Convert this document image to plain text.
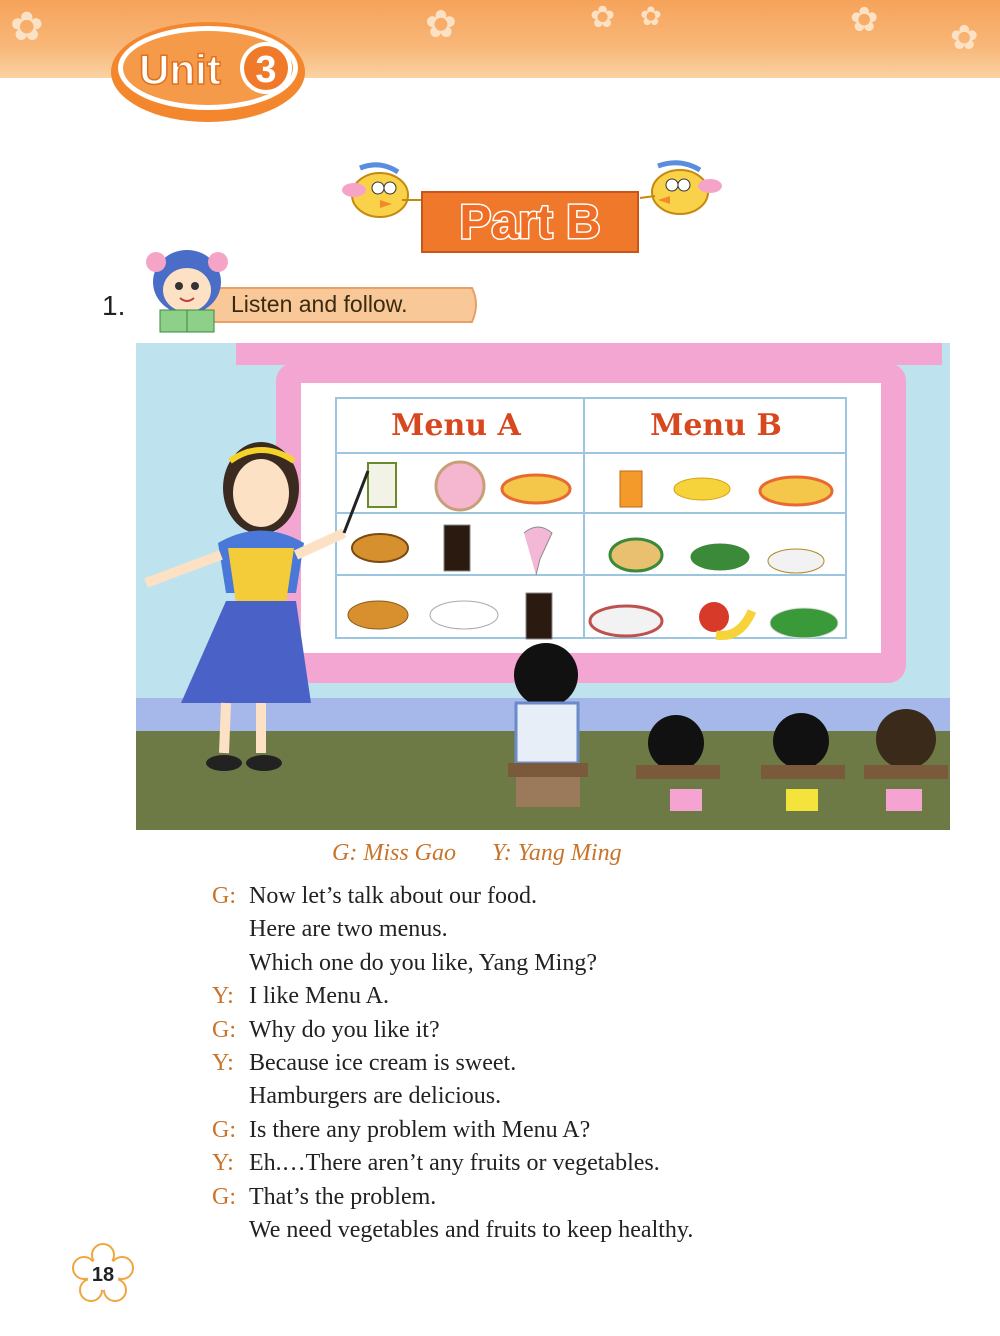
✿	✿	✿ ✿	✿ ✿
Unit 3
Part B
1.	Listen and follow.
Menu A	Menu B
G: Miss Gao Y: Yang Ming
G: Now let’s talk about our food.
Here are two menus.
Which one do you like, Yang Ming?
Y: I like Menu A.
G: Why do you like it?
Y: Because ice cream is sweet.
Hamburgers are delicious.
G: Is there any problem with Menu A?
Y: Eh.…There aren’t any fruits or vegetables.
G: That’s the problem.
We need vegetables and fruits to keep healthy.
18
